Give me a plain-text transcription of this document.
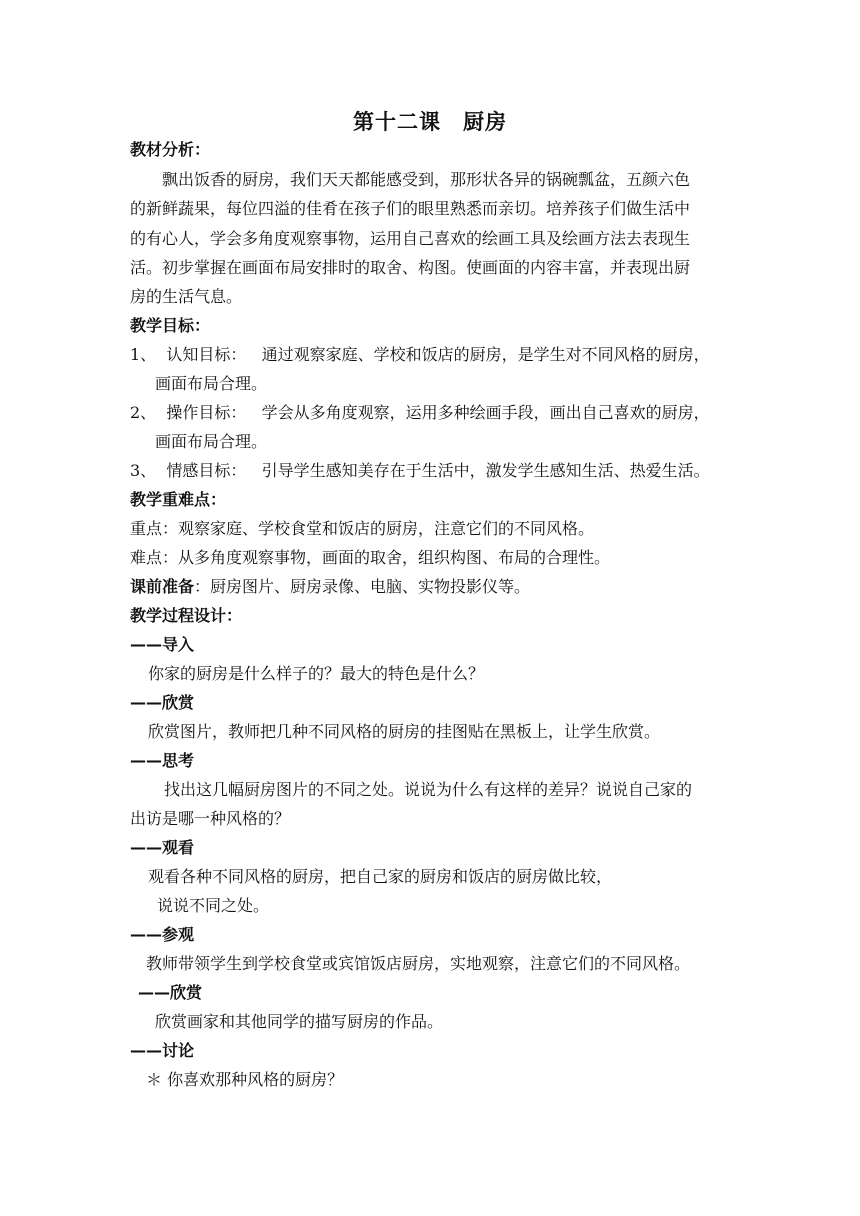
第十二课　厨房
教材分析：
飘出饭香的厨房，我们天天都能感受到，那形状各异的锅碗瓢盆，五颜六色
的新鲜蔬果，每位四溢的佳肴在孩子们的眼里熟悉而亲切。培养孩子们做生活中
的有心人，学会多角度观察事物，运用自己喜欢的绘画工具及绘画方法去表现生
活。初步掌握在画面布局安排时的取舍、构图。使画面的内容丰富，并表现出厨
房的生活气息。
教学目标：
1、 认知目标： 通过观察家庭、学校和饭店的厨房，是学生对不同风格的厨房，
画面布局合理。
2、 操作目标： 学会从多角度观察，运用多种绘画手段，画出自己喜欢的厨房，
画面布局合理。
3、 情感目标： 引导学生感知美存在于生活中，激发学生感知生活、热爱生活。
教学重难点：
重点：观察家庭、学校食堂和饭店的厨房，注意它们的不同风格。
难点：从多角度观察事物，画面的取舍，组织构图、布局的合理性。
课前准备：厨房图片、厨房录像、电脑、实物投影仪等。
教学过程设计：
——导入
你家的厨房是什么样子的？最大的特色是什么？
——欣赏
欣赏图片，教师把几种不同风格的厨房的挂图贴在黑板上，让学生欣赏。
——思考
找出这几幅厨房图片的不同之处。说说为什么有这样的差异？说说自己家的
出访是哪一种风格的？
——观看
观看各种不同风格的厨房，把自己家的厨房和饭店的厨房做比较，
说说不同之处。
——参观
教师带领学生到学校食堂或宾馆饭店厨房，实地观察，注意它们的不同风格。
——欣赏
欣赏画家和其他同学的描写厨房的作品。
——讨论
＊ 你喜欢那种风格的厨房？
